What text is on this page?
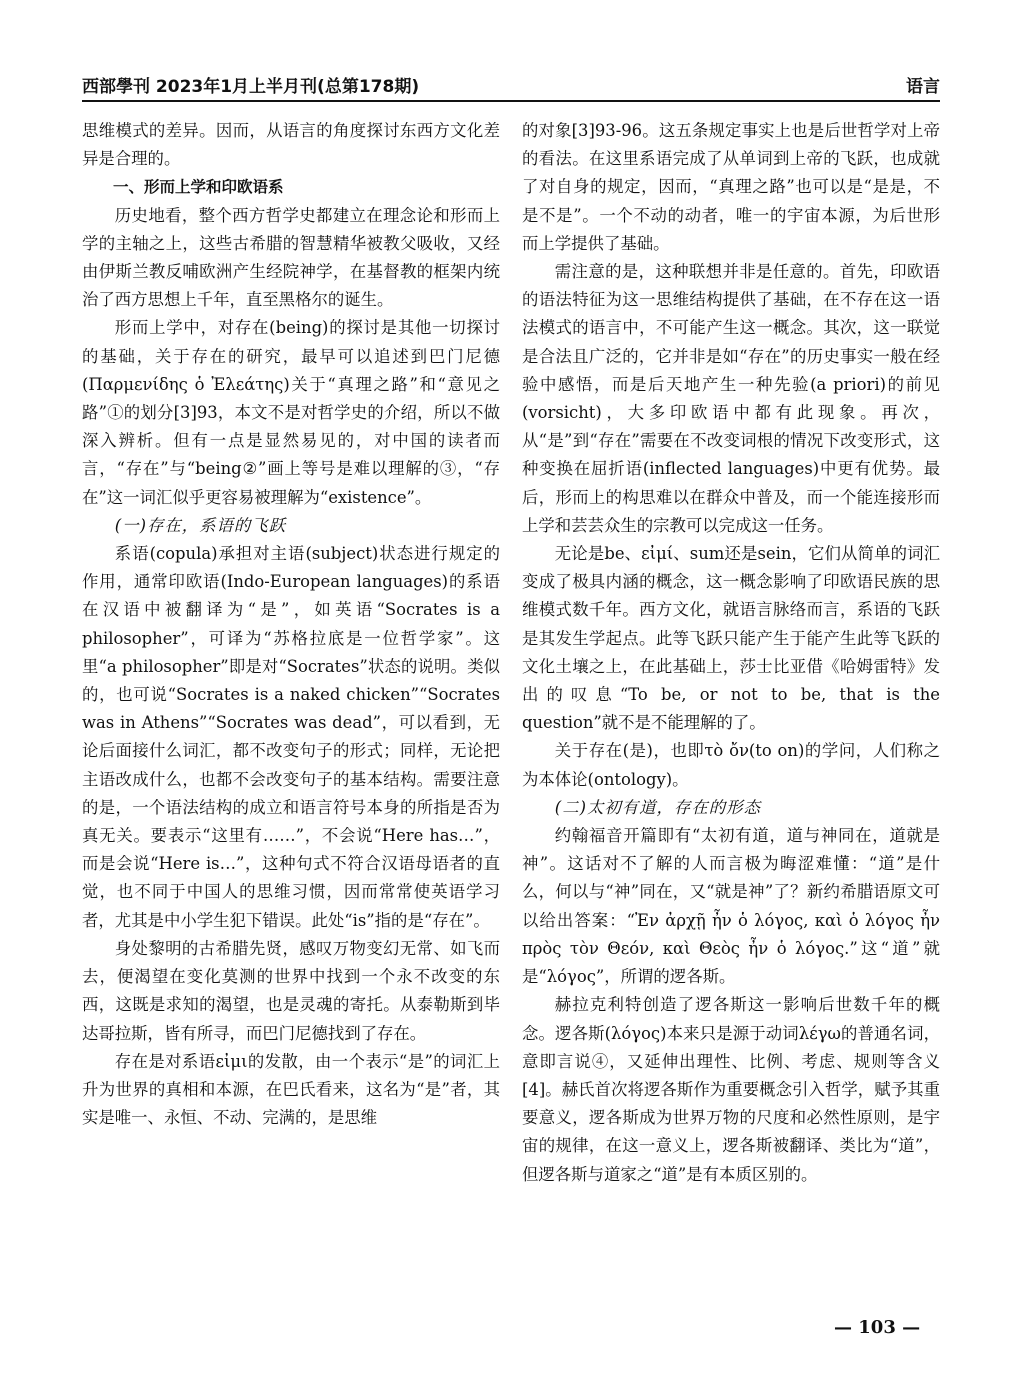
西部學刊 2023年1月上半月刊(总第178期)	语言

思维模式的差异。因而，从语言的角度探讨东西方文化差异是合理的。

一、形而上学和印欧语系

历史地看，整个西方哲学史都建立在理念论和形而上学的主轴之上，这些古希腊的智慧精华被教父吸收，又经由伊斯兰教反哺欧洲产生经院神学，在基督教的框架内统治了西方思想上千年，直至黑格尔的诞生。

形而上学中，对存在(being)的探讨是其他一切探讨的基础，关于存在的研究，最早可以追述到巴门尼德(Παρμενίδης ὁ Ἐλεάτης)关于“真理之路”和“意见之路”①的划分[3]93，本文不是对哲学史的介绍，所以不做深入辨析。但有一点是显然易见的，对中国的读者而言，“存在”与“being②”画上等号是难以理解的③，“存在”这一词汇似乎更容易被理解为“existence”。

(一)存在，系语的飞跃

系语(copula)承担对主语(subject)状态进行规定的作用，通常印欧语(Indo-European languages)的系语在汉语中被翻译为“是”，如英语“Socrates is a philosopher”，可译为“苏格拉底是一位哲学家”。这里“a philosopher”即是对“Socrates”状态的说明。类似的，也可说“Socrates is a naked chicken”“Socrates was in Athens”“Socrates was dead”，可以看到，无论后面接什么词汇，都不改变句子的形式；同样，无论把主语改成什么，也都不会改变句子的基本结构。需要注意的是，一个语法结构的成立和语言符号本身的所指是否为真无关。要表示“这里有……”，不会说“Here has…”，而是会说“Here is…”，这种句式不符合汉语母语者的直觉，也不同于中国人的思维习惯，因而常常使英语学习者，尤其是中小学生犯下错误。此处“is”指的是“存在”。

身处黎明的古希腊先贤，感叹万物变幻无常、如飞而去，便渴望在变化莫测的世界中找到一个永不改变的东西，这既是求知的渴望，也是灵魂的寄托。从泰勒斯到毕达哥拉斯，皆有所寻，而巴门尼德找到了存在。

存在是对系语εἰμι的发散，由一个表示“是”的词汇上升为世界的真相和本源，在巴氏看来，这名为“是”者，其实是唯一、永恒、不动、完满的，是思维

的对象[3]93-96。这五条规定事实上也是后世哲学对上帝的看法。在这里系语完成了从单词到上帝的飞跃，也成就了对自身的规定，因而，“真理之路”也可以是“是是，不是不是”。一个不动的动者，唯一的宇宙本源，为后世形而上学提供了基础。

需注意的是，这种联想并非是任意的。首先，印欧语的语法特征为这一思维结构提供了基础，在不存在这一语法模式的语言中，不可能产生这一概念。其次，这一联觉是合法且广泛的，它并非是如“存在”的历史事实一般在经验中感悟，而是后天地产生一种先验(a priori)的前见(vorsicht)，大多印欧语中都有此现象。再次，从“是”到“存在”需要在不改变词根的情况下改变形式，这种变换在屈折语(inflected languages)中更有优势。最后，形而上的构思难以在群众中普及，而一个能连接形而上学和芸芸众生的宗教可以完成这一任务。

无论是be、εἰμί、sum还是sein，它们从简单的词汇变成了极具内涵的概念，这一概念影响了印欧语民族的思维模式数千年。西方文化，就语言脉络而言，系语的飞跃是其发生学起点。此等飞跃只能产生于能产生此等飞跃的文化土壤之上，在此基础上，莎士比亚借《哈姆雷特》发出的叹息“To be, or not to be, that is the question”就不是不能理解的了。

关于存在(是)，也即τὸ ὄν(to on)的学问，人们称之为本体论(ontology)。

(二)太初有道，存在的形态

约翰福音开篇即有“太初有道，道与神同在，道就是神”。这话对不了解的人而言极为晦涩难懂：“道”是什么，何以与“神”同在，又“就是神”了？新约希腊语原文可以给出答案：“Ἐν ἀρχῇ ἦν ὁ λόγος, καὶ ὁ λόγος ἦν πρὸς τὸν Θεόν, καὶ Θεὸς ἦν ὁ λόγος.”这“道”就是“λόγος”，所谓的逻各斯。

赫拉克利特创造了逻各斯这一影响后世数千年的概念。逻各斯(λόγος)本来只是源于动词λέγω的普通名词，意即言说④，又延伸出理性、比例、考虑、规则等含义[4]。赫氏首次将逻各斯作为重要概念引入哲学，赋予其重要意义，逻各斯成为世界万物的尺度和必然性原则，是宇宙的规律，在这一意义上，逻各斯被翻译、类比为“道”，但逻各斯与道家之“道”是有本质区别的。

— 103 —
